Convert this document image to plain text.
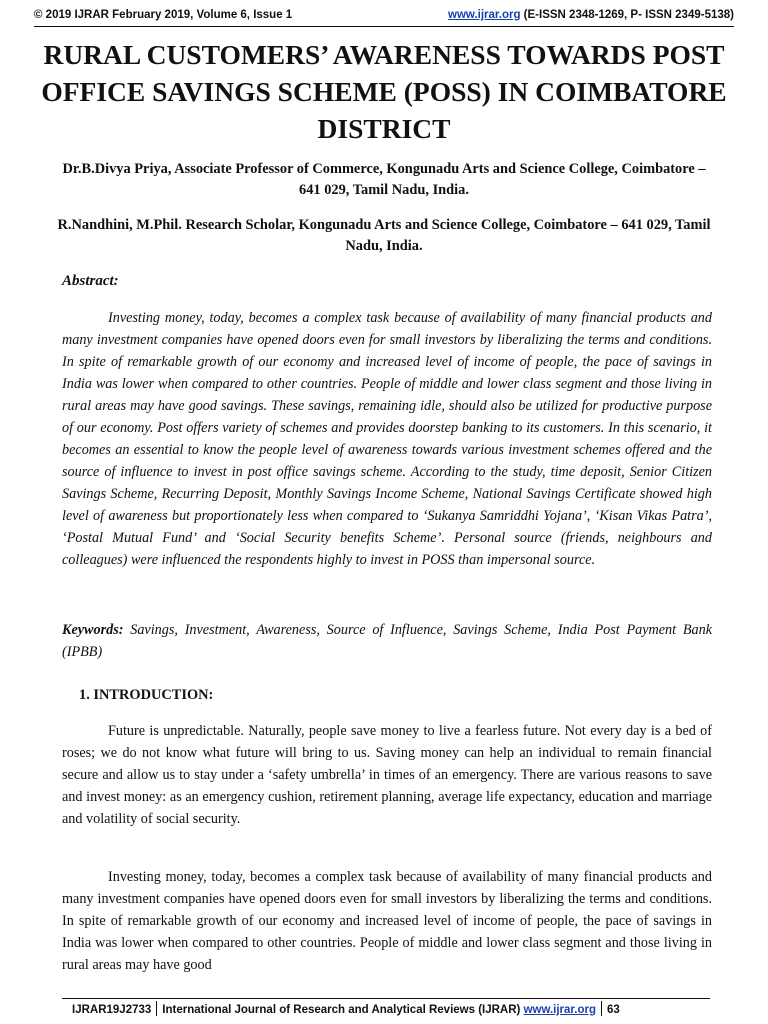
© 2019 IJRAR February 2019, Volume 6, Issue 1	www.ijrar.org (E-ISSN 2348-1269, P- ISSN 2349-5138)
RURAL CUSTOMERS’ AWARENESS TOWARDS POST OFFICE SAVINGS SCHEME (POSS) IN COIMBATORE DISTRICT
Dr.B.Divya Priya, Associate Professor of Commerce, Kongunadu Arts and Science College, Coimbatore – 641 029, Tamil Nadu, India.
R.Nandhini, M.Phil. Research Scholar, Kongunadu Arts and Science College, Coimbatore – 641 029, Tamil Nadu, India.
Abstract:
Investing money, today, becomes a complex task because of availability of many financial products and many investment companies have opened doors even for small investors by liberalizing the terms and conditions. In spite of remarkable growth of our economy and increased level of income of people, the pace of savings in India was lower when compared to other countries. People of middle and lower class segment and those living in rural areas may have good savings. These savings, remaining idle, should also be utilized for productive purpose of our economy. Post offers variety of schemes and provides doorstep banking to its customers. In this scenario, it becomes an essential to know the people level of awareness towards various investment schemes offered and the source of influence to invest in post office savings scheme. According to the study, time deposit, Senior Citizen Savings Scheme, Recurring Deposit, Monthly Savings Income Scheme, National Savings Certificate showed high level of awareness but proportionately less when compared to ‘Sukanya Samriddhi Yojana’, ‘Kisan Vikas Patra’, ‘Postal Mutual Fund’ and ‘Social Security benefits Scheme’. Personal source (friends, neighbours and colleagues) were influenced the respondents highly to invest in POSS than impersonal source.
Keywords: Savings, Investment, Awareness, Source of Influence, Savings Scheme, India Post Payment Bank (IPBB)
1. INTRODUCTION:
Future is unpredictable. Naturally, people save money to live a fearless future. Not every day is a bed of roses; we do not know what future will bring to us. Saving money can help an individual to remain financial secure and allow us to stay under a ‘safety umbrella’ in times of an emergency. There are various reasons to save and invest money: as an emergency cushion, retirement planning, average life expectancy, education and marriage and volatility of social security.
Investing money, today, becomes a complex task because of availability of many financial products and many investment companies have opened doors even for small investors by liberalizing the terms and conditions. In spite of remarkable growth of our economy and increased level of income of people, the pace of savings in India was lower when compared to other countries. People of middle and lower class segment and those living in rural areas may have good
IJRAR19J2733 International Journal of Research and Analytical Reviews (IJRAR) www.ijrar.org 63
